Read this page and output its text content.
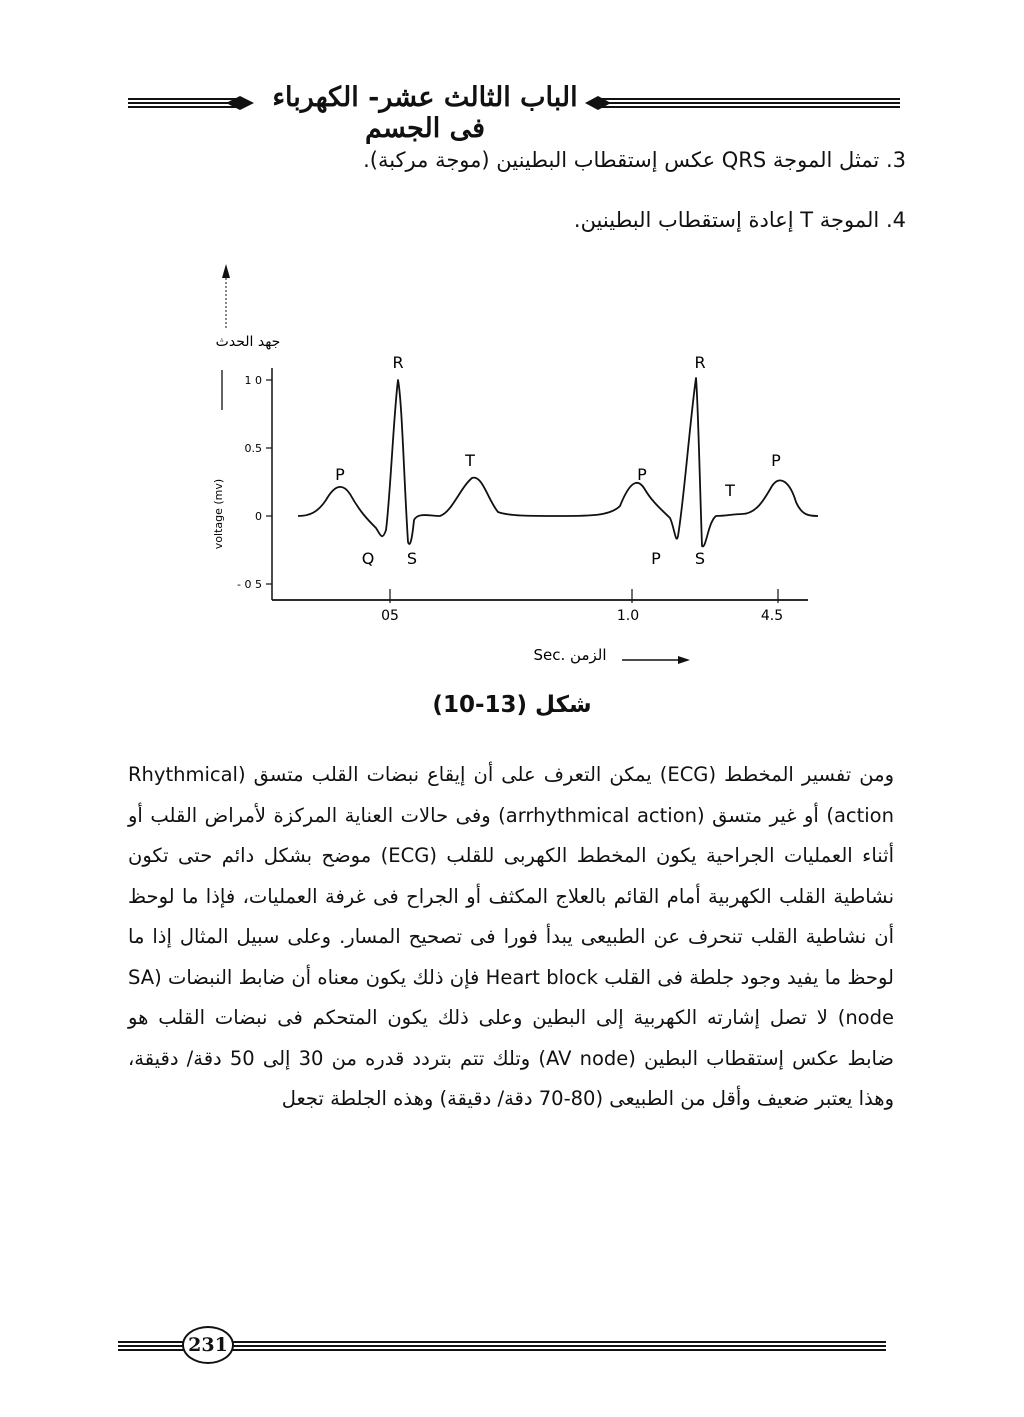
الباب الثالث عشر- الكهرباء فى الجسم
3. تمثل الموجة QRS عكس إستقطاب البطينين (موجة مركبة).
4. الموجة T إعادة إستقطاب البطينين.
جهد الحدث
voltage (mv)
1 0
0.5
0
- 0 5
05	1.0	4.5
P
Q
R
S
T
P
P
R
S
T
P
Sec. الزمن
شكل (13-10)

ومن تفسير المخطط (ECG) يمكن التعرف على أن إيقاع نبضات القلب متسق (Rhythmical action) أو غير متسق (arrhythmical action) وفى حالات العناية المركزة لأمراض القلب أو أثناء العمليات الجراحية يكون المخطط الكهربى للقلب (ECG) موضح بشكل دائم حتى تكون نشاطية القلب الكهربية أمام القائم بالعلاج المكثف أو الجراح فى غرفة العمليات، فإذا ما لوحظ أن نشاطية القلب تنحرف عن الطبيعى يبدأ فورا فى تصحيح المسار. وعلى سبيل المثال إذا ما لوحظ ما يفيد وجود جلطة فى القلب Heart block فإن ذلك يكون معناه أن ضابط النبضات (SA node) لا تصل إشارته الكهربية إلى البطين وعلى ذلك يكون المتحكم فى نبضات القلب هو ضابط عكس إستقطاب البطين (AV node) وتلك تتم بتردد قدره من 30 إلى 50 دقة/ دقيقة، وهذا يعتبر ضعيف وأقل من الطبيعى (80-70 دقة/ دقيقة) وهذه الجلطة تجعل

231
